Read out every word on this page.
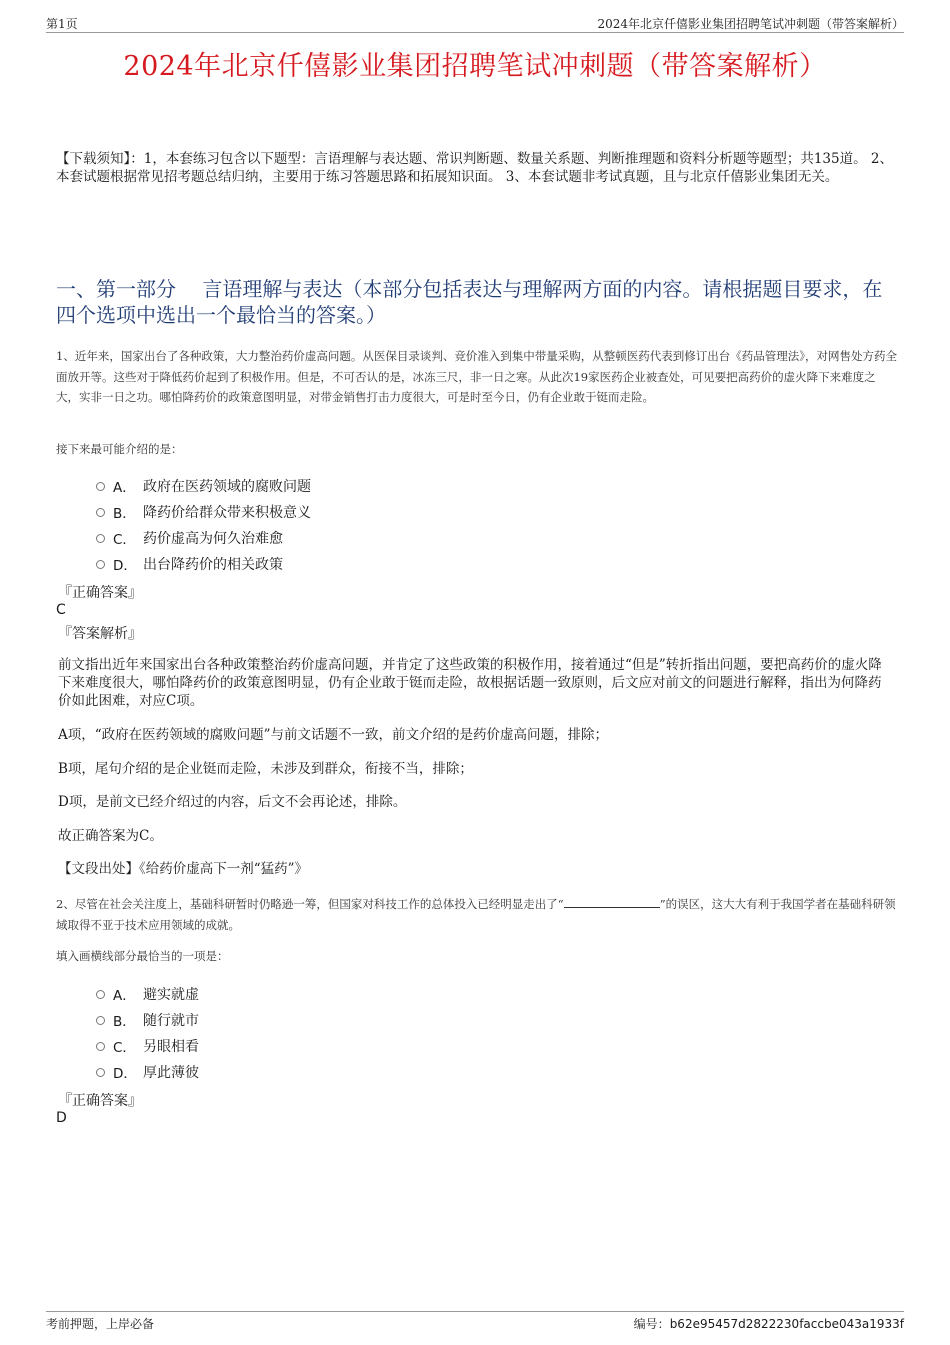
第1页	2024年北京仟僖影业集团招聘笔试冲刺题（带答案解析）
2024年北京仟僖影业集团招聘笔试冲刺题（带答案解析）
【下载须知】：1，本套练习包含以下题型：言语理解与表达题、常识判断题、数量关系题、判断推理题和资料分析题等题型；共135道。 2、本套试题根据常见招考题总结归纳，主要用于练习答题思路和拓展知识面。 3、本套试题非考试真题，且与北京仟僖影业集团无关。
一、第一部分　 言语理解与表达（本部分包括表达与理解两方面的内容。请根据题目要求，在四个选项中选出一个最恰当的答案。）
1、近年来，国家出台了各种政策，大力整治药价虚高问题。从医保目录谈判、竞价准入到集中带量采购，从整顿医药代表到修订出台《药品管理法》，对网售处方药全面放开等。这些对于降低药价起到了积极作用。但是，不可否认的是，冰冻三尺，非一日之寒。从此次19家医药企业被查处，可见要把高药价的虚火降下来难度之大，实非一日之功。哪怕降药价的政策意图明显，对带金销售打击力度很大，可是时至今日，仍有企业敢于铤而走险。
接下来最可能介绍的是：
A． 政府在医药领域的腐败问题
B． 降药价给群众带来积极意义
C． 药价虚高为何久治难愈
D． 出台降药价的相关政策
『正确答案』
C
『答案解析』
前文指出近年来国家出台各种政策整治药价虚高问题，并肯定了这些政策的积极作用，接着通过“但是”转折指出问题，要把高药价的虚火降下来难度很大，哪怕降药价的政策意图明显，仍有企业敢于铤而走险，故根据话题一致原则，后文应对前文的问题进行解释，指出为何降药价如此困难，对应C项。
A项，“政府在医药领域的腐败问题”与前文话题不一致，前文介绍的是药价虚高问题，排除；
B项，尾句介绍的是企业铤而走险，未涉及到群众，衔接不当，排除；
D项，是前文已经介绍过的内容，后文不会再论述，排除。
故正确答案为C。
【文段出处】《给药价虚高下一剂“猛药”》
2、尽管在社会关注度上，基础科研暂时仍略逊一筹，但国家对科技工作的总体投入已经明显走出了“	”的误区，这大大有利于我国学者在基础科研领域取得不亚于技术应用领域的成就。
填入画横线部分最恰当的一项是：
A． 避实就虚
B． 随行就市
C． 另眼相看
D． 厚此薄彼
『正确答案』
D
考前押题，上岸必备	编号：b62e95457d2822230faccbe043a1933f
